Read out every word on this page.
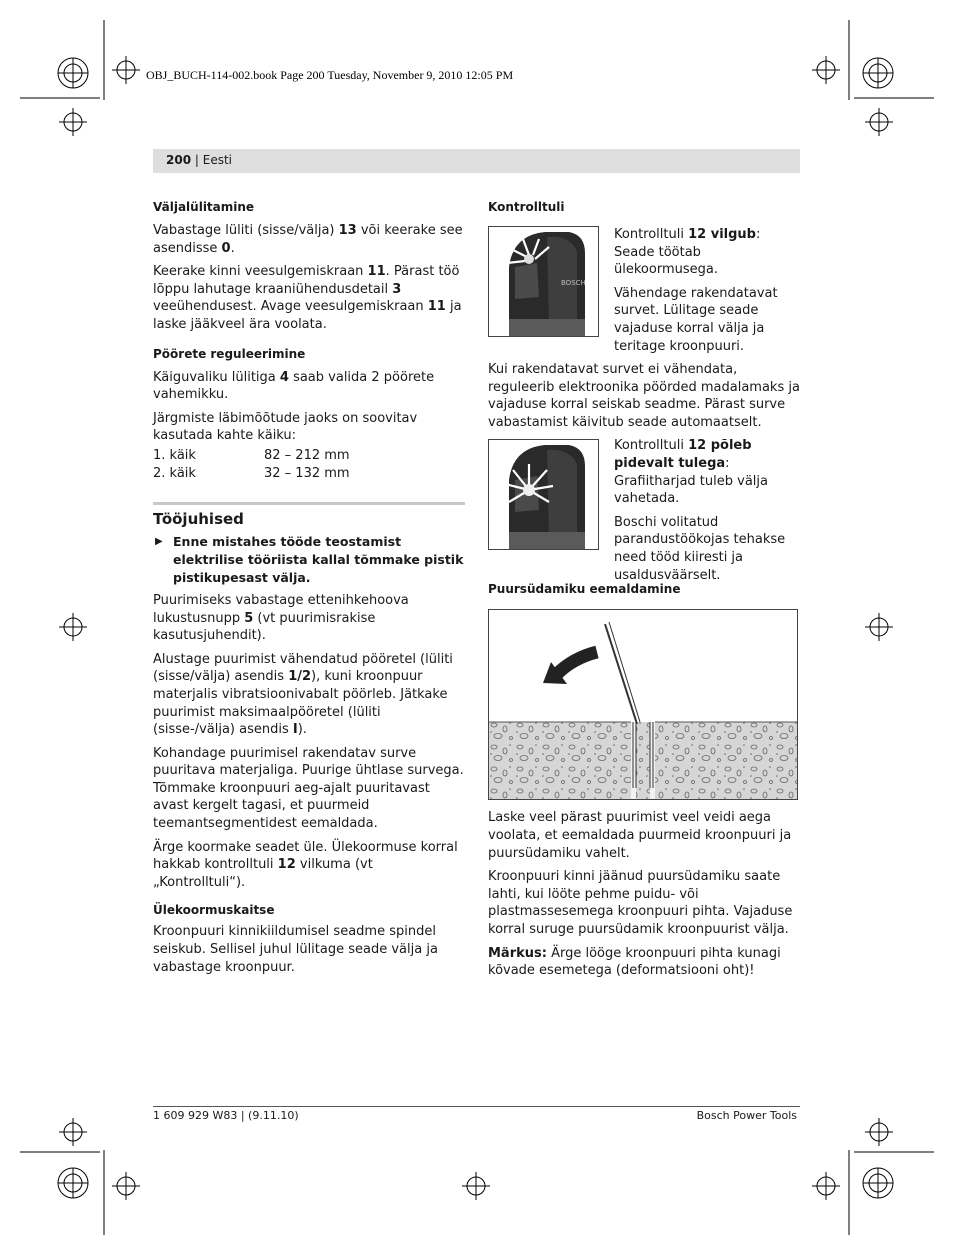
OBJ_BUCH-114-002.book Page 200 Tuesday, November 9, 2010 12:05 PM
200 | Eesti

Väljalülitamine

Vabastage lüliti (sisse/välja) 13 või keerake see asendisse 0.

Keerake kinni veesulgemiskraan 11. Pärast töö lõppu lahutage kraaniühendusdetail 3 veeühendusest. Avage veesulgemiskraan 11 ja laske jääkveel ära voolata.

Pöörete reguleerimine

Käiguvaliku lülitiga 4 saab valida 2 pöörete vahemikku.

Järgmiste läbimõõtude jaoks on soovitav kasutada kahte käiku:

1. käik	82 – 212 mm
2. käik	32 – 132 mm

Tööjuhised

▶ Enne mistahes tööde teostamist elektrilise tööriista kallal tõmmake pistik pistikupesast välja.

Puurimiseks vabastage ettenihkehoova lukustusnupp 5 (vt puurimisrakise kasutusjuhendit).

Alustage puurimist vähendatud pööretel (lüliti (sisse/välja) asendis 1/2), kuni kroonpuur materjalis vibratsioonivabalt pöörleb. Jätkake puurimist maksimaalpööretel (lüliti (sisse-/välja) asendis I).

Kohandage puurimisel rakendatav surve puuritava materjaliga. Puurige ühtlase survega. Tõmmake kroonpuuri aeg-ajalt puuritavast avast kergelt tagasi, et puurmeid teemantsegmentidest eemaldada.

Ärge koormake seadet üle. Ülekoormuse korral hakkab kontrolltuli 12 vilkuma (vt „Kontrolltuli“).

Ülekoormuskaitse

Kroonpuuri kinnikiildumisel seadme spindel seiskub. Sellisel juhul lülitage seade välja ja vabastage kroonpuur.

Kontrolltuli

BOSCH

Kontrolltuli 12 vilgub:
Seade töötab ülekoormusega.

Vähendage rakendatavat survet. Lülitage seade vajaduse korral välja ja teritage kroonpuuri.

Kui rakendatavat survet ei vähendata, reguleerib elektroonika pöörded madalamaks ja vajaduse korral seiskab seadme. Pärast surve vabastamist käivitub seade automaatselt.

Kontrolltuli 12 põleb pidevalt tulega:
Grafiitharjad tuleb välja vahetada.

Boschi volitatud parandustöökojas tehakse need tööd kiiresti ja usaldusväärselt.

Puursüdamiku eemaldamine

Laske veel pärast puurimist veel veidi aega voolata, et eemaldada puurmeid kroonpuuri ja puursüdamiku vahelt.

Kroonpuuri kinni jäänud puursüdamiku saate lahti, kui lööte pehme puidu- või plastmassesemega kroonpuuri pihta. Vajaduse korral suruge puursüdamik kroonpuurist välja.

Märkus: Ärge lööge kroonpuuri pihta kunagi kõvade esemetega (deformatsiooni oht)!

1 609 929 W83 | (9.11.10)	Bosch Power Tools
